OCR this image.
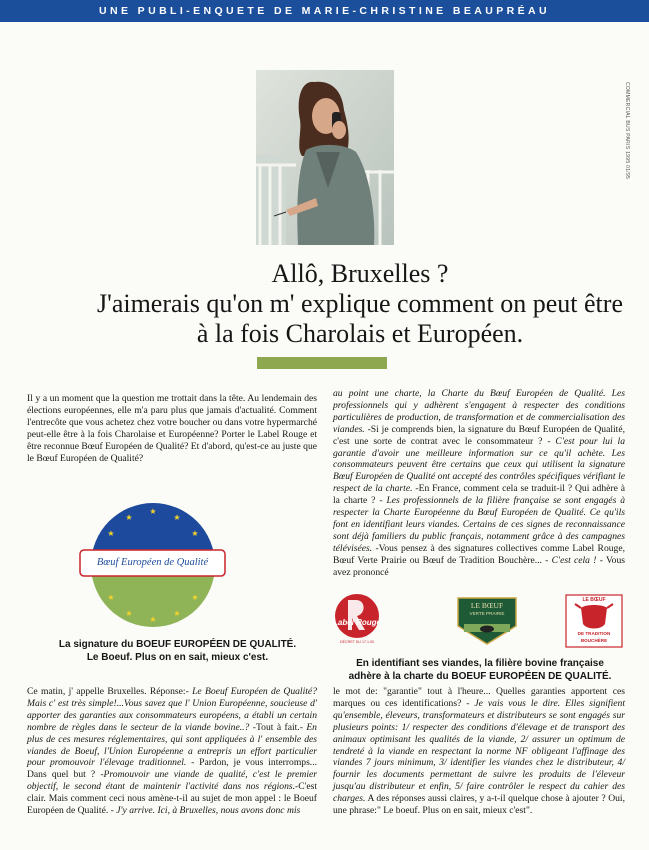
UNE PUBLI-ENQUETE DE MARIE-CHRISTINE BEAUPRÉAU
COMMERCIAL BUS PARIS 1995 01/95
Allô, Bruxelles ?
J'aimerais qu'on m' explique comment on peut être
à la fois Charolais et Européen.
Il y a un moment que la question me trottait dans la tête. Au lendemain des élections européennes, elle m'a paru plus que jamais d'actualité. Comment l'entrecôte que vous achetez chez votre boucher ou dans votre hypermarché peut-elle être à la fois Charolaise et Européenne? Porter le Label Rouge et être reconnue Bœuf Européen de Qualité? Et d'abord, qu'est-ce au juste que le Bœuf Européen de Qualité?
★
★
★
★
★
★
★
★
★
★
Bœuf Européen de Qualité
La signature du BOEUF EUROPÉEN DE QUALITÉ.
Le Boeuf. Plus on en sait, mieux c'est.
au point une charte, la Charte du Bœuf Européen de Qualité. Les professionnels qui y adhèrent s'engagent à respecter des conditions particulières de production, de transformation et de commercialisation des viandes. -Si je comprends bien, la signature du Bœuf Européen de Qualité, c'est une sorte de contrat avec le consommateur ? - C'est pour lui la garantie d'avoir une meilleure information sur ce qu'il achète. Les consommateurs peuvent être certains que ceux qui utilisent la signature Bœuf Européen de Qualité ont accepté des contrôles spécifiques vérifiant le respect de la charte. -En France, comment cela se traduit-il ? Qui adhère à la charte ? - Les professionnels de la filière française se sont engagés à respecter la Charte Européenne du Bœuf Européen de Qualité. Ce qu'ils font en identifiant leurs viandes. Certains de ces signes de reconnaissance sont déjà familiers du public français, notamment grâce à des campagnes télévisées. -Vous pensez à des signatures collectives comme Label Rouge, Bœuf Verte Prairie ou Bœuf de Tradition Bouchère... - C'est cela ! - Vous avez prononcé
Label Rouge
DÉCRET DU 17.1.93
LE BŒUF
VERTE PRAIRIE
LE BŒUF
DE TRADITION
BOUCHÈRE
En identifiant ses viandes, la filière bovine française
adhère à la charte du BOEUF EUROPÉEN DE QUALITÉ.
Ce matin, j' appelle Bruxelles. Réponse:- Le Boeuf Européen de Qualité? Mais c' est très simple!...Vous savez que l' Union Européenne, soucieuse d' apporter des garanties aux consommateurs européens, a établi un certain nombre de règles dans le secteur de la viande bovine..? -Tout à fait.- En plus de ces mesures réglementaires, qui sont appliquées à l' ensemble des viandes de Boeuf, l'Union Européenne a entrepris un effort particulier pour promouvoir l'élevage traditionnel. - Pardon, je vous interromps... Dans quel but ? -Promouvoir une viande de qualité, c'est le premier objectif, le second étant de maintenir l'activité dans nos régions.-C'est clair. Mais comment ceci nous amène-t-il au sujet de mon appel : le Boeuf Européen de Qualité. - J'y arrive. Ici, à Bruxelles, nous avons donc mis
le mot de: "garantie" tout à l'heure... Quelles garanties apportent ces marques ou ces identifications? - Je vais vous le dire. Elles signifient qu'ensemble, éleveurs, transformateurs et distributeurs se sont engagés sur plusieurs points: 1/ respecter des conditions d'élevage et de transport des animaux optimisant les qualités de la viande, 2/ assurer un optimum de tendreté à la viande en respectant la norme NF obligeant l'affinage des viandes 7 jours minimum, 3/ identifier les viandes chez le distributeur, 4/ fournir les documents permettant de suivre les produits de l'éleveur jusqu'au distributeur et enfin, 5/ faire contrôler le respect du cahier des charges. A des réponses aussi claires, y a-t-il quelque chose à ajouter ? Oui, une phrase:" Le boeuf. Plus on en sait, mieux c'est".
